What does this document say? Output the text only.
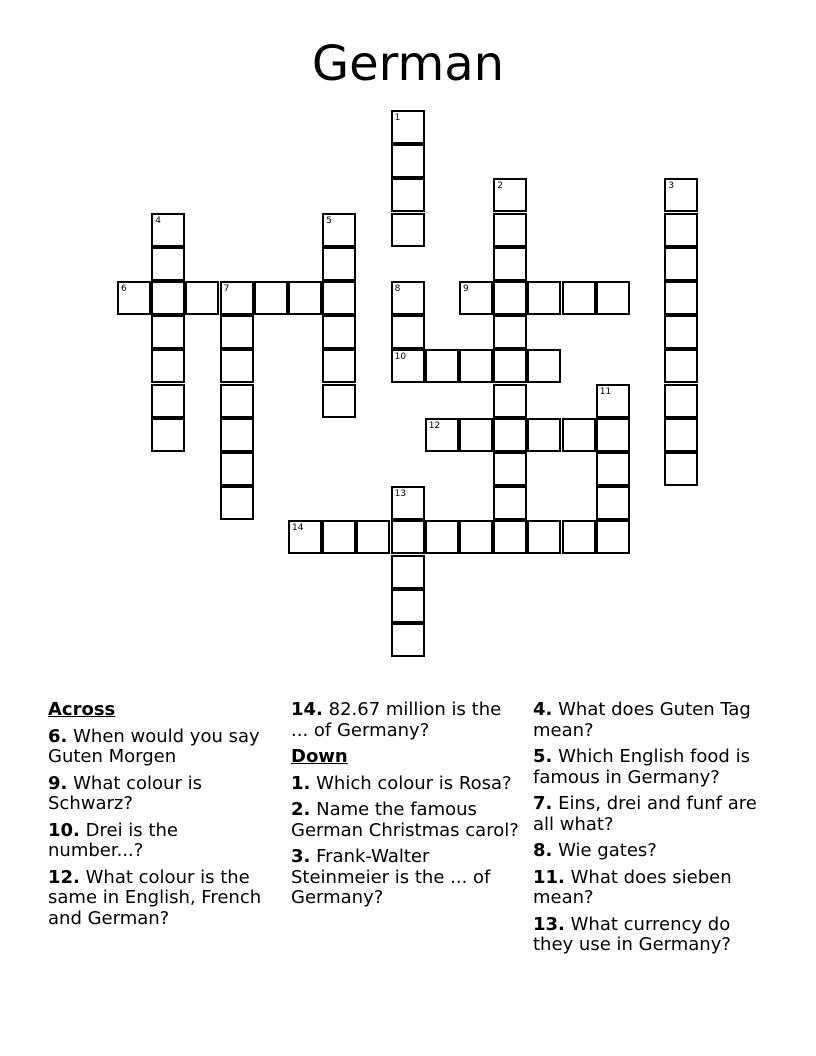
German
1
2	3
4	5
6	7	8
10
9
11
12
13
14
Across
6. When would you say Guten Morgen
9. What colour is Schwarz?
10. Drei is the number...?
12. What colour is the same in English, French and German?
14. 82.67 million is the ... of Germany?
Down
1. Which colour is Rosa?
2. Name the famous German Christmas carol?
3. Frank-Walter Steinmeier is the ... of Germany?
4. What does Guten Tag mean?
5. Which English food is famous in Germany?
7. Eins, drei and funf are all what?
8. Wie gates?
11. What does sieben mean?
13. What currency do they use in Germany?
